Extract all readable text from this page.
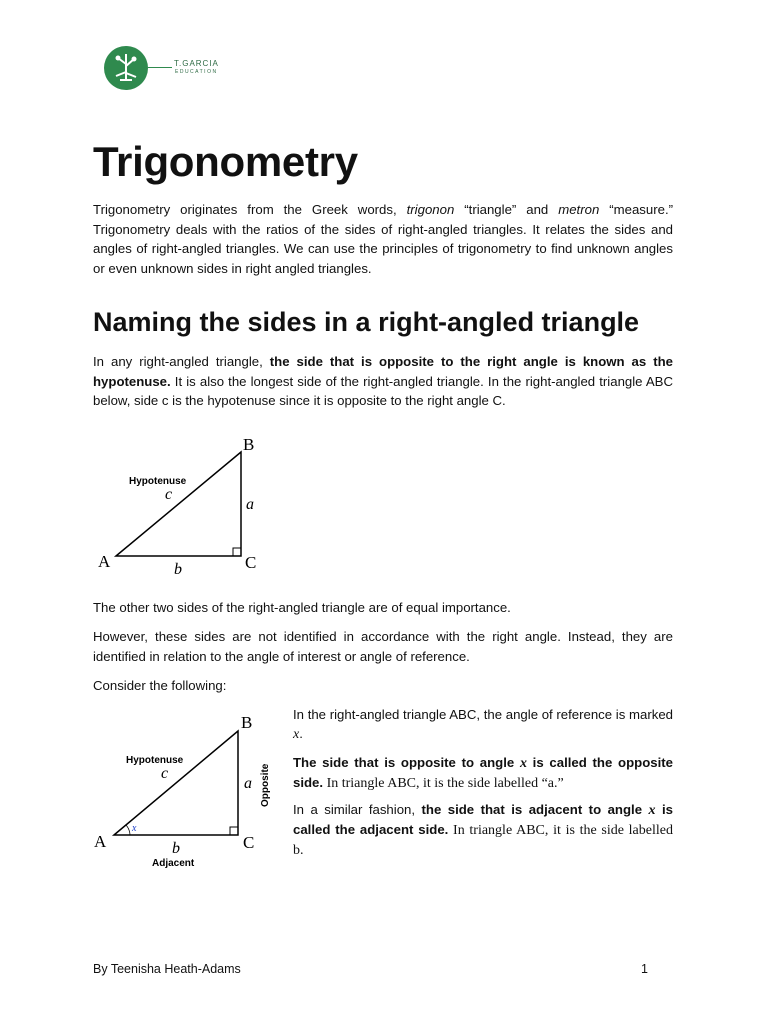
T.GARCIA
EDUCATION
Trigonometry

Trigonometry originates from the Greek words, trigonon “triangle” and metron “measure.” Trigonometry deals with the ratios of the sides of right-angled triangles. It relates the sides and angles of right-angled triangles. We can use the principles of trigonometry to find unknown angles or even unknown sides in right angled triangles.

Naming the sides in a right-angled triangle

In any right-angled triangle, the side that is opposite to the right angle is known as the hypotenuse. It is also the longest side of the right-angled triangle. In the right-angled triangle ABC below, side c is the hypotenuse since it is opposite to the right angle C.

B
A	C
a
b
c
Hypotenuse

The other two sides of the right-angled triangle are of equal importance.

However, these sides are not identified in accordance with the right angle. Instead, they are identified in relation to the angle of interest or angle of reference.

Consider the following:

x
B
A	C
a
b
c
Hypotenuse
Adjacent
Opposite

In the right-angled triangle ABC, the angle of reference is marked x.

The side that is opposite to angle x is called the opposite side. In triangle ABC, it is the side labelled “a.”

In a similar fashion, the side that is adjacent to angle x is called the adjacent side. In triangle ABC, it is the side labelled b.

By Teenisha Heath-Adams	1
